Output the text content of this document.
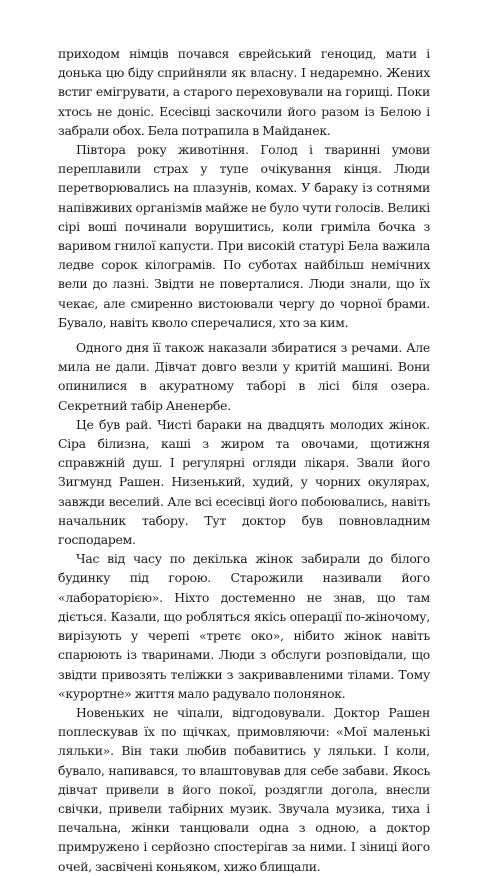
приходом німців почався єврейський геноцид, мати і донька цю біду сприйняли як власну. І недаремно. Жених встиг емігрувати, а старого переховували на горищі. Поки хтось не доніс. Есесівці заскочили його разом із Белою і забрали обох. Бела потрапила в Майданек.

Півтора року животіння. Голод і тваринні умови переплавили страх у тупе очікування кінця. Люди перетворювались на плазунів, комах. У бараку із сотнями напівживих організмів майже не було чути голосів. Великі сірі воші починали ворушитись, коли гриміла бочка з варивом гнилої капусти. При високій статурі Бела важила ледве сорок кілограмів. По суботах найбільш немічних вели до лазні. Звідти не поверталися. Люди знали, що їх чекає, але смиренно вистоювали чергу до чорної брами. Бувало, навіть кволо сперечалися, хто за ким.

Одного дня її також наказали збиратися з речами. Але мила не дали. Дівчат довго везли у критій машині. Вони опинилися в акуратному таборі в лісі біля озера. Секретний табір Аненербе.

Це був рай. Чисті бараки на двадцять молодих жінок. Сіра білизна, каші з жиром та овочами, щотижня справжній душ. І регулярні огляди лікаря. Звали його Зигмунд Рашен. Низенький, худий, у чорних окулярах, завжди веселий. Але всі есесівці його побоювались, навіть начальник табору. Тут доктор був повновладним господарем.

Час від часу по декілька жінок забирали до білого будинку під горою. Старожили називали його «лабораторією». Ніхто достеменно не знав, що там діється. Казали, що робляться якісь операції по-жіночому, вирізують у черепі «третє око», нібито жінок навіть спарюють із тваринами. Люди з обслуги розповідали, що звідти привозять теліжки з закривавленими тілами. Тому «курортне» життя мало радувало полонянок.

Новеньких не чіпали, відгодовували. Доктор Рашен поплескував їх по щічках, примовляючи: «Мої маленькі ляльки». Він таки любив побавитись у ляльки. І коли, бувало, напивався, то влаштовував для себе забави. Якось дівчат привели в його покої, роздягли догола, внесли свічки, привели табірних музик. Звучала музика, тиха і печальна, жінки танцювали одна з одною, а доктор примружено і серйозно спостерігав за ними. І зіниці його очей, засвічені коньяком, хижо блищали.
